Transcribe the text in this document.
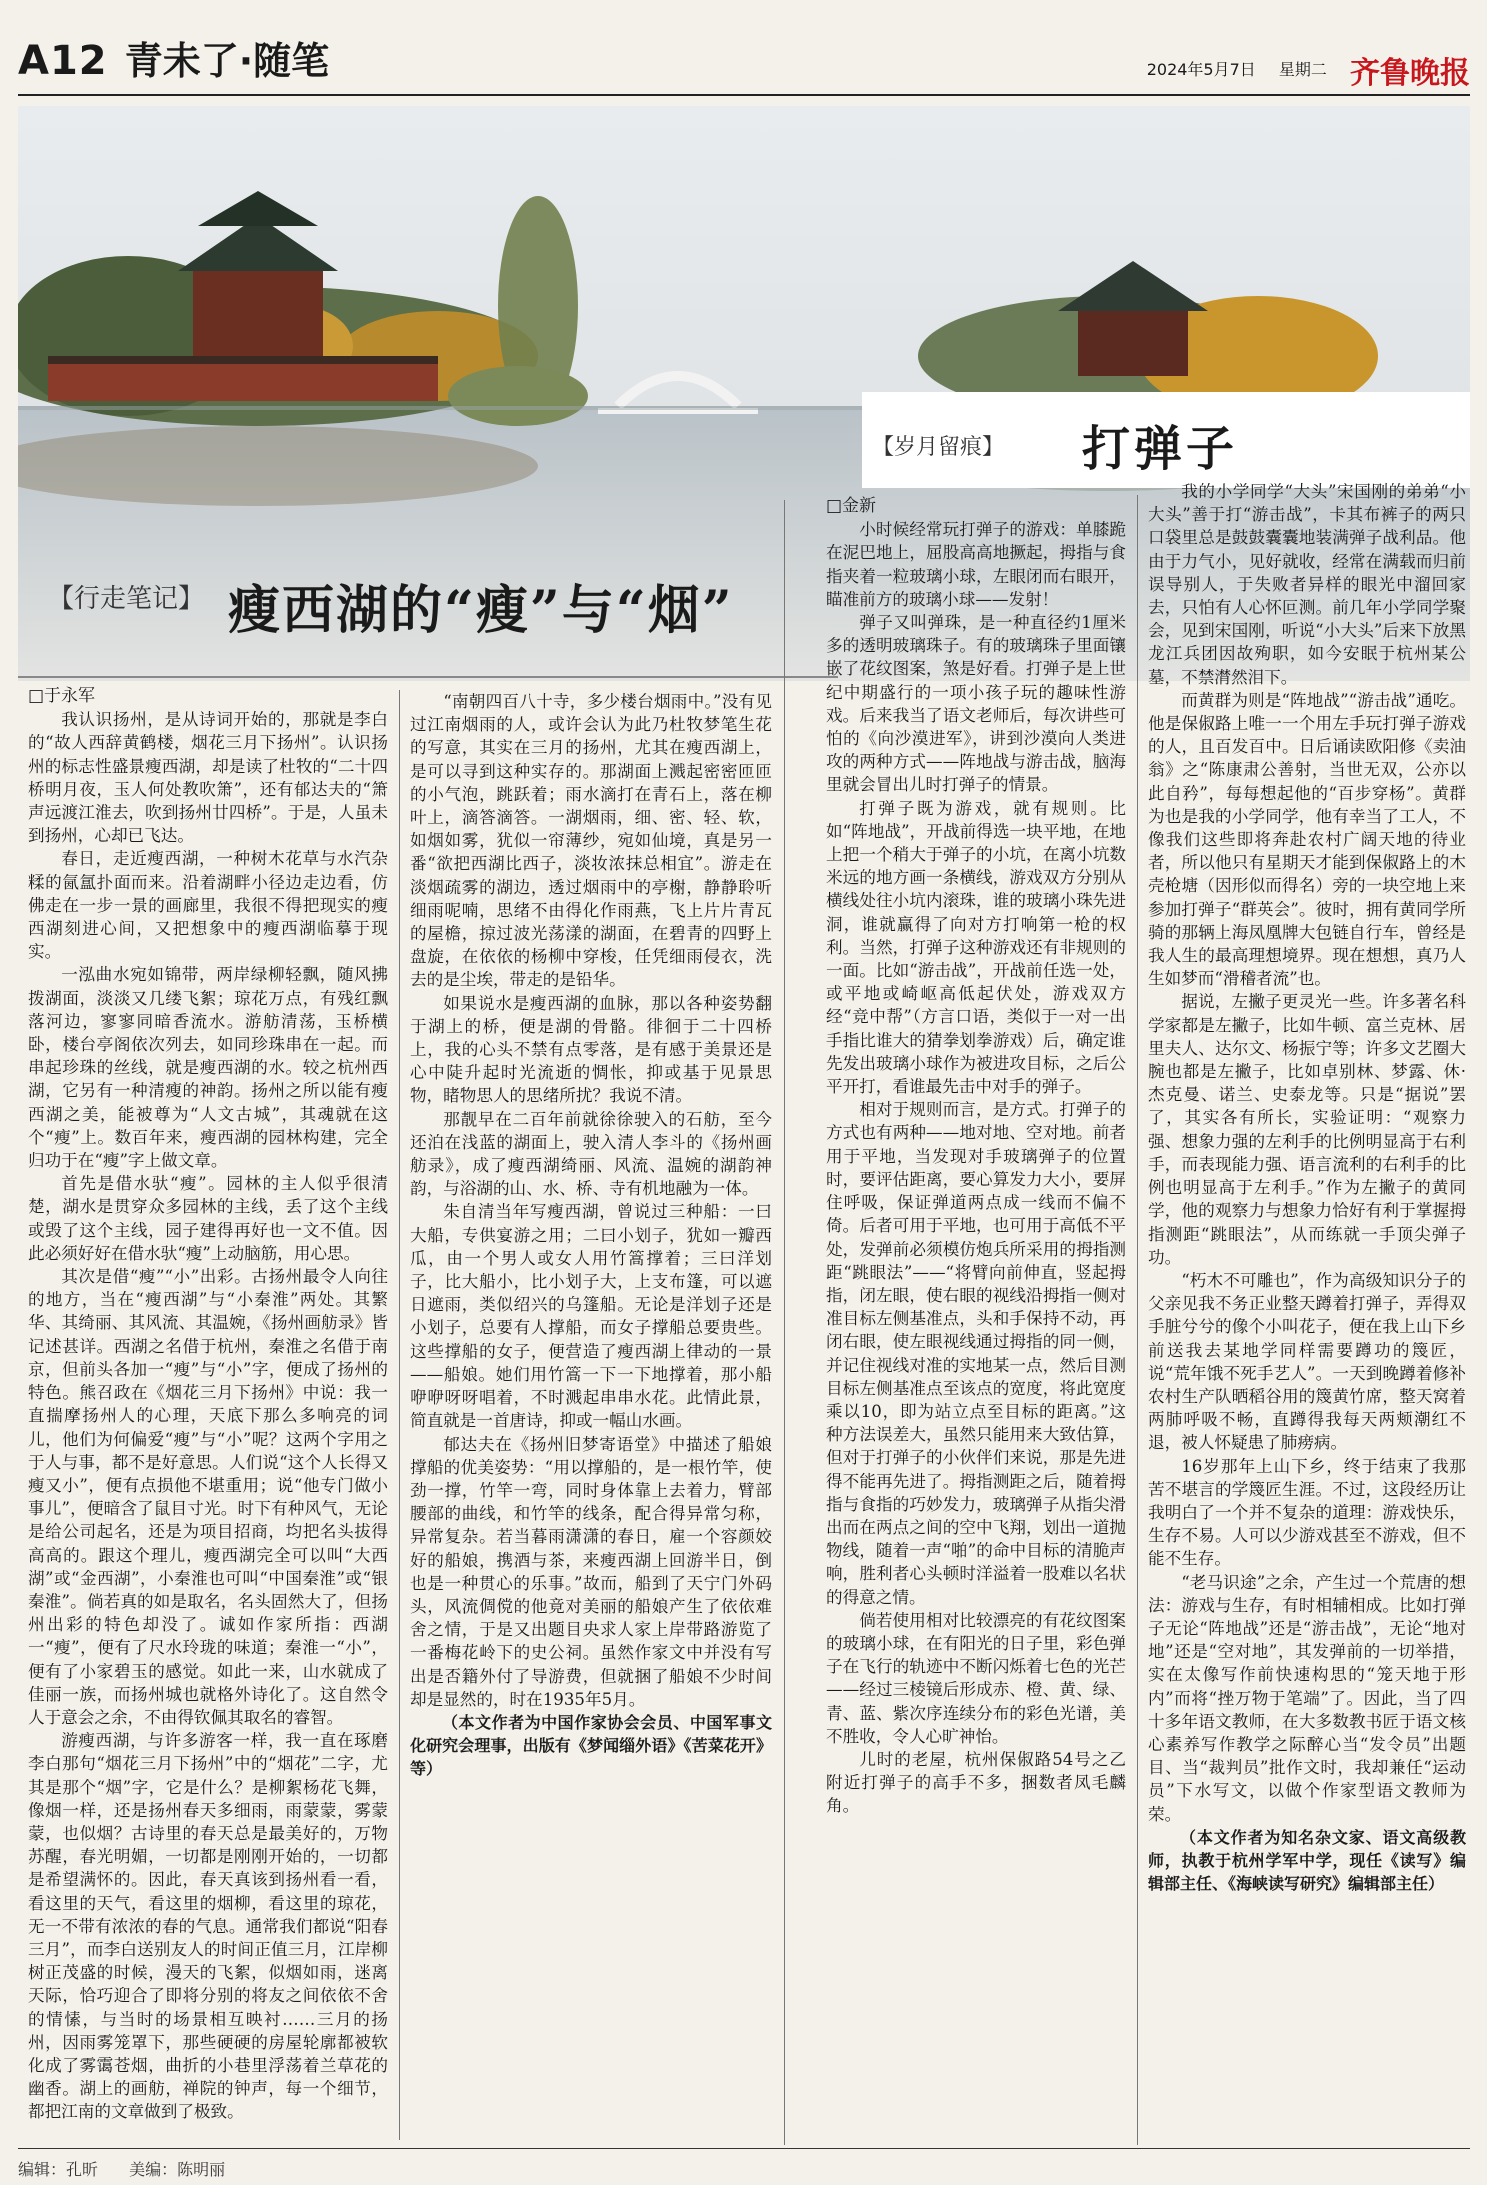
A12 青未了·随笔	2024年5月7日 星期二 齐鲁晚报
【行走笔记】 瘦西湖的“瘦”与“烟”
【岁月留痕】 打弹子

□于永军

我认识扬州，是从诗词开始的，那就是李白的“故人西辞黄鹤楼，烟花三月下扬州”。认识扬州的标志性盛景瘦西湖，却是读了杜牧的“二十四桥明月夜，玉人何处教吹箫”，还有郁达夫的“箫声远渡江淮去，吹到扬州廿四桥”。于是，人虽未到扬州，心却已飞达。

春日，走近瘦西湖，一种树木花草与水汽杂糅的氤氲扑面而来。沿着湖畔小径边走边看，仿佛走在一步一景的画廊里，我很不得把现实的瘦西湖刻进心间，又把想象中的瘦西湖临摹于现实。

一泓曲水宛如锦带，两岸绿柳轻飘，随风拂拨湖面，淡淡又几缕飞絮；琼花万点，有残红飘落河边，寥寥同暗香流水。游舫清荡，玉桥横卧，楼台亭阁依次列去，如同珍珠串在一起。而串起珍珠的丝线，就是瘦西湖的水。较之杭州西湖，它另有一种清瘦的神韵。扬州之所以能有瘦西湖之美，能被尊为“人文古城”，其魂就在这个“瘦”上。数百年来，瘦西湖的园林构建，完全归功于在“瘦”字上做文章。

首先是借水驮“瘦”。园林的主人似乎很清楚，湖水是贯穿众多园林的主线，丢了这个主线或毁了这个主线，园子建得再好也一文不值。因此必须好好在借水驮“瘦”上动脑筋，用心思。

其次是借“瘦”“小”出彩。古扬州最令人向往的地方，当在“瘦西湖”与“小秦淮”两处。其繁华、其绮丽、其风流、其温婉，《扬州画舫录》皆记述甚详。西湖之名借于杭州，秦淮之名借于南京，但前头各加一“瘦”与“小”字，便成了扬州的特色。熊召政在《烟花三月下扬州》中说：我一直揣摩扬州人的心理，天底下那么多响亮的词儿，他们为何偏爱“瘦”与“小”呢？这两个字用之于人与事，都不是好意思。人们说“这个人长得又瘦又小”，便有点损他不堪重用；说“他专门做小事儿”，便暗含了鼠目寸光。时下有种风气，无论是给公司起名，还是为项目招商，均把名头拔得高高的。跟这个理儿，瘦西湖完全可以叫“大西湖”或“金西湖”，小秦淮也可叫“中国秦淮”或“银秦淮”。倘若真的如是取名，名头固然大了，但扬州出彩的特色却没了。诚如作家所指：西湖一“瘦”，便有了尺水玲珑的味道；秦淮一“小”，便有了小家碧玉的感觉。如此一来，山水就成了佳丽一族，而扬州城也就格外诗化了。这自然令人于意会之余，不由得钦佩其取名的睿智。

游瘦西湖，与许多游客一样，我一直在琢磨李白那句“烟花三月下扬州”中的“烟花”二字，尤其是那个“烟”字，它是什么？是柳絮杨花飞舞，像烟一样，还是扬州春天多细雨，雨蒙蒙，雾蒙蒙，也似烟？古诗里的春天总是最美好的，万物苏醒，春光明媚，一切都是刚刚开始的，一切都是希望满怀的。因此，春天真该到扬州看一看，看这里的天气，看这里的烟柳，看这里的琼花，无一不带有浓浓的春的气息。通常我们都说“阳春三月”，而李白送别友人的时间正值三月，江岸柳树正茂盛的时候，漫天的飞絮，似烟如雨，迷离天际，恰巧迎合了即将分别的将友之间依依不舍的情愫，与当时的场景相互映衬……三月的扬州，因雨雾笼罩下，那些硬硬的房屋轮廓都被软化成了雾霭苍烟，曲折的小巷里浮荡着兰草花的幽香。湖上的画舫，禅院的钟声，每一个细节，都把江南的文章做到了极致。

“南朝四百八十寺，多少楼台烟雨中。”没有见过江南烟雨的人，或许会认为此乃杜牧梦笔生花的写意，其实在三月的扬州，尤其在瘦西湖上，是可以寻到这种实存的。那湖面上溅起密密匝匝的小气泡，跳跃着；雨水滴打在青石上，落在柳叶上，滴答滴答。一湖烟雨，细、密、轻、软，如烟如雾，犹似一帘薄纱，宛如仙境，真是另一番“欲把西湖比西子，淡妆浓抹总相宜”。游走在淡烟疏雾的湖边，透过烟雨中的亭榭，静静聆听细雨呢喃，思绪不由得化作雨燕，飞上片片青瓦的屋檐，掠过波光荡漾的湖面，在碧青的四野上盘旋，在依依的杨柳中穿梭，任凭细雨侵衣，洗去的是尘埃，带走的是铅华。

如果说水是瘦西湖的血脉，那以各种姿势翻于湖上的桥，便是湖的骨骼。徘徊于二十四桥上，我的心头不禁有点零落，是有感于美景还是心中陡升起时光流逝的惆怅，抑或基于见景思物，睹物思人的思绪所扰？我说不清。

那靓早在二百年前就徐徐驶入的石舫，至今还泊在浅蓝的湖面上，驶入清人李斗的《扬州画舫录》，成了瘦西湖绮丽、风流、温婉的湖韵神韵，与浴湖的山、水、桥、寺有机地融为一体。

朱自清当年写瘦西湖，曾说过三种船：一曰大船，专供宴游之用；二曰小划子，犹如一瓣西瓜，由一个男人或女人用竹篙撑着；三曰洋划子，比大船小，比小划子大，上支布篷，可以遮日遮雨，类似绍兴的乌篷船。无论是洋划子还是小划子，总要有人撑船，而女子撑船总要贵些。这些撑船的女子，便营造了瘦西湖上律动的一景——船娘。她们用竹篙一下一下地撑着，那小船咿咿呀呀唱着，不时溅起串串水花。此情此景，简直就是一首唐诗，抑或一幅山水画。

郁达夫在《扬州旧梦寄语堂》中描述了船娘撑船的优美姿势：“用以撑船的，是一根竹竿，使劲一撑，竹竿一弯，同时身体靠上去着力，臂部腰部的曲线，和竹竿的线条，配合得异常匀称，异常复杂。若当暮雨潇潇的春日，雇一个容颜姣好的船娘，携酒与茶，来瘦西湖上回游半日，倒也是一种贯心的乐事。”故而，船到了天宁门外码头，风流倜傥的他竟对美丽的船娘产生了依依难舍之情，于是又出题目央求人家上岸带路游览了一番梅花岭下的史公祠。虽然作家文中并没有写出是否籍外付了导游费，但就捆了船娘不少时间却是显然的，时在1935年5月。

（本文作者为中国作家协会会员、中国军事文化研究会理事，出版有《梦闻缁外语》《苦菜花开》等）

□金新

小时候经常玩打弹子的游戏：单膝跪在泥巴地上，屈股高高地撅起，拇指与食指夹着一粒玻璃小球，左眼闭而右眼开，瞄准前方的玻璃小球——发射！

弹子又叫弹珠，是一种直径约1厘米多的透明玻璃珠子。有的玻璃珠子里面镶嵌了花纹图案，煞是好看。打弹子是上世纪中期盛行的一项小孩子玩的趣味性游戏。后来我当了语文老师后，每次讲些可怕的《向沙漠进军》，讲到沙漠向人类进攻的两种方式——阵地战与游击战，脑海里就会冒出儿时打弹子的情景。

打弹子既为游戏，就有规则。比如“阵地战”，开战前得选一块平地，在地上把一个稍大于弹子的小坑，在离小坑数米远的地方画一条横线，游戏双方分别从横线处往小坑内滚珠，谁的玻璃小珠先进洞，谁就赢得了向对方打响第一枪的权利。当然，打弹子这种游戏还有非规则的一面。比如“游击战”，开战前任选一处，或平地或崎岖高低起伏处，游戏双方经“竞中帮”（方言口语，类似于一对一出手指比谁大的猜拳划拳游戏）后，确定谁先发出玻璃小球作为被进攻目标，之后公平开打，看谁最先击中对手的弹子。

相对于规则而言，是方式。打弹子的方式也有两种——地对地、空对地。前者用于平地，当发现对手玻璃弹子的位置时，要评估距离，要心算发力大小，要屏住呼吸，保证弹道两点成一线而不偏不倚。后者可用于平地，也可用于高低不平处，发弹前必须模仿炮兵所采用的拇指测距“跳眼法”——“将臂向前伸直，竖起拇指，闭左眼，使右眼的视线沿拇指一侧对准目标左侧基准点，头和手保持不动，再闭右眼，使左眼视线通过拇指的同一侧，并记住视线对准的实地某一点，然后目测目标左侧基准点至该点的宽度，将此宽度乘以10，即为站立点至目标的距离。”这种方法误差大，虽然只能用来大致估算，但对于打弹子的小伙伴们来说，那是先进得不能再先进了。拇指测距之后，随着拇指与食指的巧妙发力，玻璃弹子从指尖滑出而在两点之间的空中飞翔，划出一道抛物线，随着一声“啪”的命中目标的清脆声响，胜利者心头顿时洋溢着一股难以名状的得意之情。

倘若使用相对比较漂亮的有花纹图案的玻璃小球，在有阳光的日子里，彩色弹子在飞行的轨迹中不断闪烁着七色的光芒——经过三棱镜后形成赤、橙、黄、绿、青、蓝、紫次序连续分布的彩色光谱，美不胜收，令人心旷神怡。

儿时的老屋，杭州保俶路54号之乙附近打弹子的高手不多，捆数者凤毛麟角。

我的小学同学“大头”宋国刚的弟弟“小大头”善于打“游击战”，卡其布裤子的两只口袋里总是鼓鼓囊囊地装满弹子战利品。他由于力气小，见好就收，经常在满载而归前误导别人，于失败者异样的眼光中溜回家去，只怕有人心怀叵测。前几年小学同学聚会，见到宋国刚，听说“小大头”后来下放黑龙江兵团因故殉职，如今安眠于杭州某公墓，不禁潸然泪下。

而黄群为则是“阵地战”“游击战”通吃。他是保俶路上唯一一个用左手玩打弹子游戏的人，且百发百中。日后诵读欧阳修《卖油翁》之“陈康肃公善射，当世无双，公亦以此自矜”，每每想起他的“百步穿杨”。黄群为也是我的小学同学，他有幸当了工人，不像我们这些即将奔赴农村广阔天地的待业者，所以他只有星期天才能到保俶路上的木壳枪塘（因形似而得名）旁的一块空地上来参加打弹子“群英会”。彼时，拥有黄同学所骑的那辆上海凤凰牌大包链自行车，曾经是我人生的最高理想境界。现在想想，真乃人生如梦而“滑稽者流”也。

据说，左撇子更灵光一些。许多著名科学家都是左撇子，比如牛顿、富兰克林、居里夫人、达尔文、杨振宁等；许多文艺圈大腕也都是左撇子，比如卓别林、梦露、休·杰克曼、诺兰、史泰龙等。只是“据说”罢了，其实各有所长，实验证明：“观察力强、想象力强的左利手的比例明显高于右利手，而表现能力强、语言流利的右利手的比例也明显高于左利手。”作为左撇子的黄同学，他的观察力与想象力恰好有利于掌握拇指测距“跳眼法”，从而练就一手顶尖弹子功。

“朽木不可雕也”，作为高级知识分子的父亲见我不务正业整天蹲着打弹子，弄得双手脏兮兮的像个小叫花子，便在我上山下乡前送我去某地学同样需要蹲功的篾匠，说“荒年饿不死手艺人”。一天到晚蹲着修补农村生产队晒稻谷用的篾黄竹席，整天窝着两肺呼吸不畅，直蹲得我每天两颊潮红不退，被人怀疑患了肺痨病。

16岁那年上山下乡，终于结束了我那苦不堪言的学篾匠生涯。不过，这段经历让我明白了一个并不复杂的道理：游戏快乐，生存不易。人可以少游戏甚至不游戏，但不能不生存。

“老马识途”之余，产生过一个荒唐的想法：游戏与生存，有时相辅相成。比如打弹子无论“阵地战”还是“游击战”，无论“地对地”还是“空对地”，其发弹前的一切举措，实在太像写作前快速构思的“笼天地于形内”而将“挫万物于笔端”了。因此，当了四十多年语文教师，在大多数教书匠于语文核心素养写作教学之际醉心当“发令员”出题目、当“裁判员”批作文时，我却兼任“运动员”下水写文，以做个作家型语文教师为荣。

（本文作者为知名杂文家、语文高级教师，执教于杭州学军中学，现任《读写》编辑部主任、《海峡读写研究》编辑部主任）

编辑：孔昕 美编：陈明丽
